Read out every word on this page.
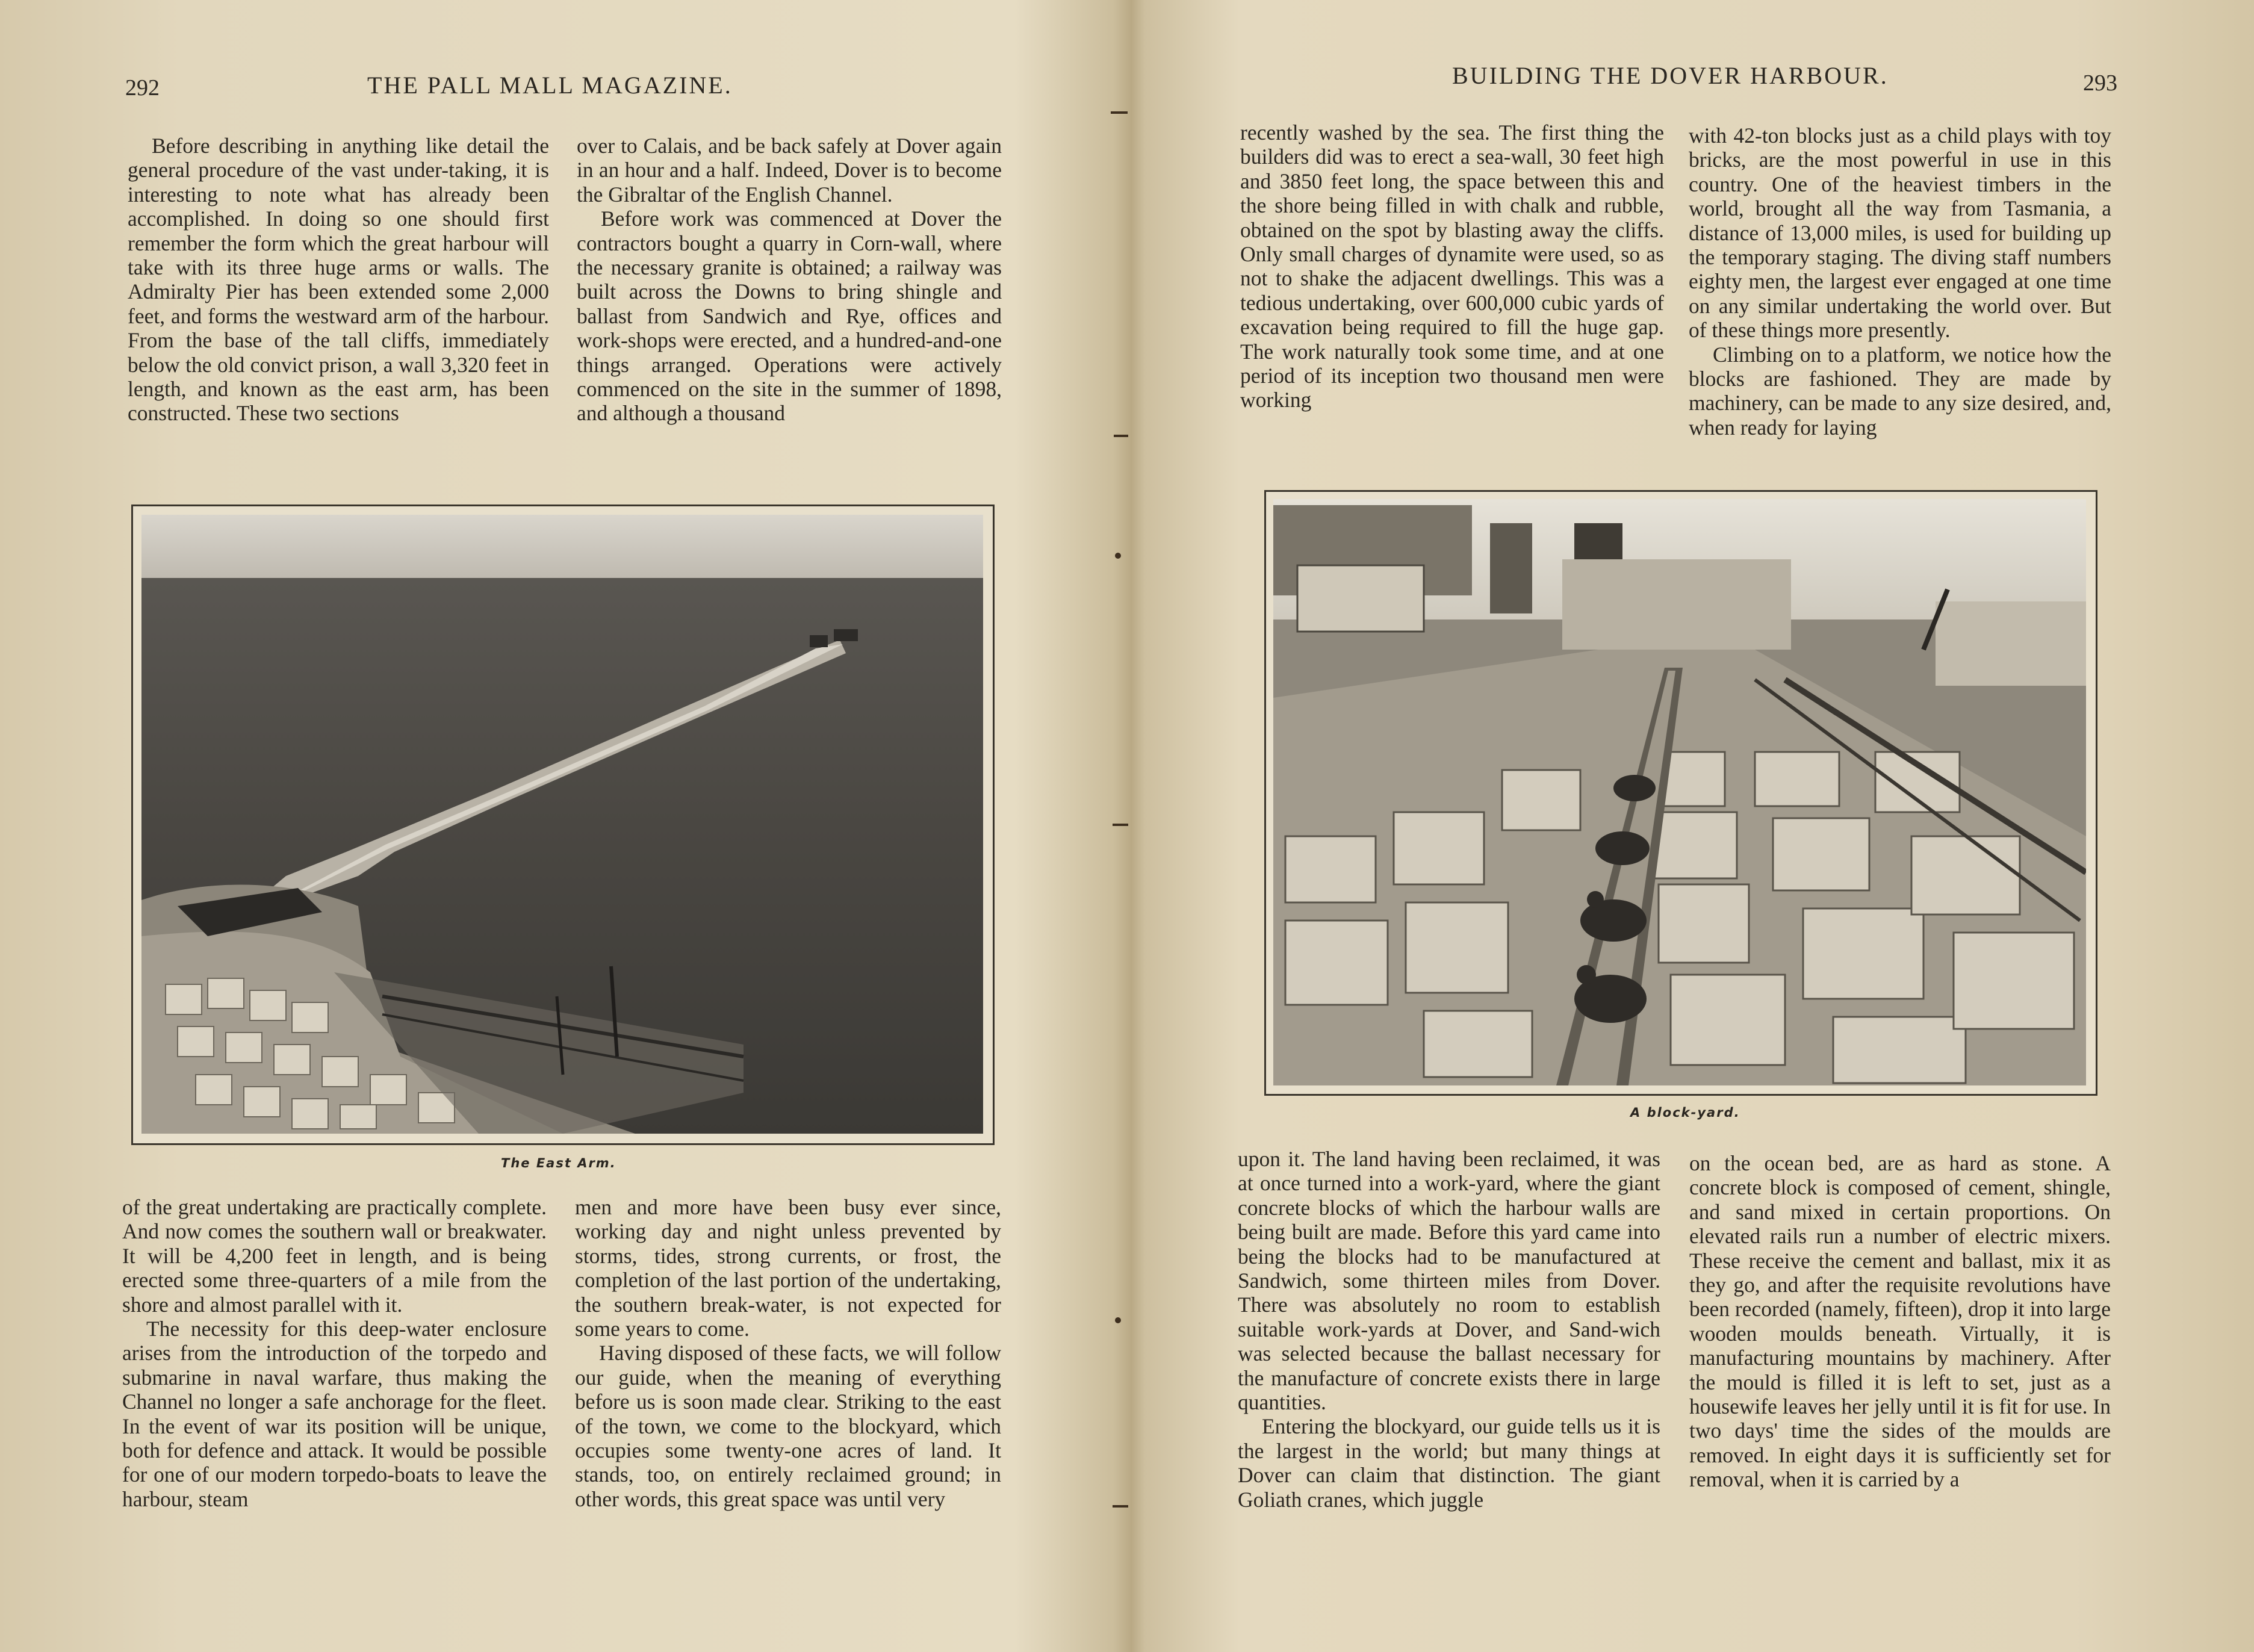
292	THE PALL MALL MAGAZINE.

Before describing in anything like detail the general procedure of the vast under-taking, it is interesting to note what has already been accomplished. In doing so one should first remember the form which the great harbour will take with its three huge arms or walls. The Admiralty Pier has been extended some 2,000 feet, and forms the westward arm of the harbour. From the base of the tall cliffs, immediately below the old convict prison, a wall 3,320 feet in length, and known as the east arm, has been constructed. These two sections

over to Calais, and be back safely at Dover again in an hour and a half. Indeed, Dover is to become the Gibraltar of the English Channel.

Before work was commenced at Dover the contractors bought a quarry in Corn-wall, where the necessary granite is obtained; a railway was built across the Downs to bring shingle and ballast from Sandwich and Rye, offices and work-shops were erected, and a hundred-and-one things arranged. Operations were actively commenced on the site in the summer of 1898, and although a thousand

The East Arm.

of the great undertaking are practically complete. And now comes the southern wall or breakwater. It will be 4,200 feet in length, and is being erected some three-quarters of a mile from the shore and almost parallel with it.

The necessity for this deep-water enclosure arises from the introduction of the torpedo and submarine in naval warfare, thus making the Channel no longer a safe anchorage for the fleet. In the event of war its position will be unique, both for defence and attack. It would be possible for one of our modern torpedo-boats to leave the harbour, steam

men and more have been busy ever since, working day and night unless prevented by storms, tides, strong currents, or frost, the completion of the last portion of the undertaking, the southern break-water, is not expected for some years to come.

Having disposed of these facts, we will follow our guide, when the meaning of everything before us is soon made clear. Striking to the east of the town, we come to the blockyard, which occupies some twenty-one acres of land. It stands, too, on entirely reclaimed ground; in other words, this great space was until very

BUILDING THE DOVER HARBOUR.	293

recently washed by the sea. The first thing the builders did was to erect a sea-wall, 30 feet high and 3850 feet long, the space between this and the shore being filled in with chalk and rubble, obtained on the spot by blasting away the cliffs. Only small charges of dynamite were used, so as not to shake the adjacent dwellings. This was a tedious undertaking, over 600,000 cubic yards of excavation being required to fill the huge gap. The work naturally took some time, and at one period of its inception two thousand men were working

with 42-ton blocks just as a child plays with toy bricks, are the most powerful in use in this country. One of the heaviest timbers in the world, brought all the way from Tasmania, a distance of 13,000 miles, is used for building up the temporary staging. The diving staff numbers eighty men, the largest ever engaged at one time on any similar undertaking the world over. But of these things more presently.

Climbing on to a platform, we notice how the blocks are fashioned. They are made by machinery, can be made to any size desired, and, when ready for laying

A block-yard.

upon it. The land having been reclaimed, it was at once turned into a work-yard, where the giant concrete blocks of which the harbour walls are being built are made. Before this yard came into being the blocks had to be manufactured at Sandwich, some thirteen miles from Dover. There was absolutely no room to establish suitable work-yards at Dover, and Sand-wich was selected because the ballast necessary for the manufacture of concrete exists there in large quantities.

Entering the blockyard, our guide tells us it is the largest in the world; but many things at Dover can claim that distinction. The giant Goliath cranes, which juggle

on the ocean bed, are as hard as stone. A concrete block is composed of cement, shingle, and sand mixed in certain proportions. On elevated rails run a number of electric mixers. These receive the cement and ballast, mix it as they go, and after the requisite revolutions have been recorded (namely, fifteen), drop it into large wooden moulds beneath. Virtually, it is manufacturing mountains by machinery. After the mould is filled it is left to set, just as a housewife leaves her jelly until it is fit for use. In two days' time the sides of the moulds are removed. In eight days it is sufficiently set for removal, when it is carried by a
